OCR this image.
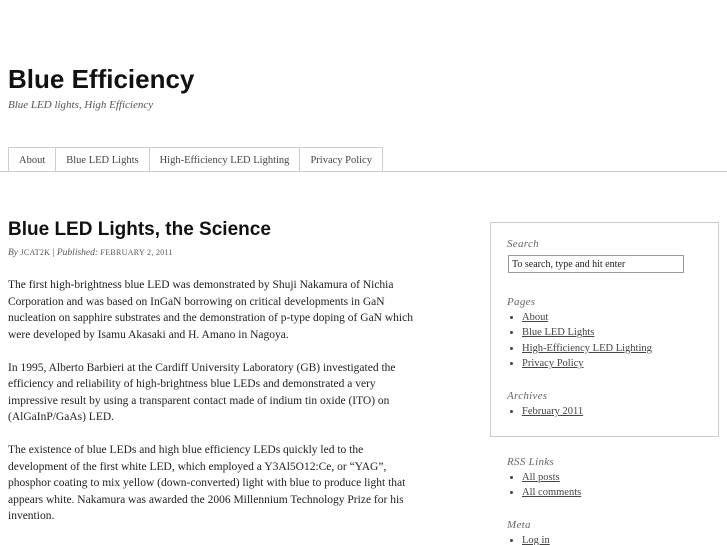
Blue Efficiency
Blue LED lights, High Efficiency
About	Blue LED Lights	High-Efficiency LED Lighting	Privacy Policy
Blue LED Lights, the Science
By JCAT2K | Published: FEBRUARY 2, 2011

The first high-brightness blue LED was demonstrated by Shuji Nakamura of Nichia Corporation and was based on InGaN borrowing on critical developments in GaN nucleation on sapphire substrates and the demonstration of p-type doping of GaN which were developed by Isamu Akasaki and H. Amano in Nagoya.

In 1995, Alberto Barbieri at the Cardiff University Laboratory (GB) investigated the efficiency and reliability of high-brightness blue LEDs and demonstrated a very impressive result by using a transparent contact made of indium tin oxide (ITO) on (AlGaInP/GaAs) LED.

The existence of blue LEDs and high blue efficiency LEDs quickly led to the development of the first white LED, which employed a Y3Al5O12:Ce, or “YAG”, phosphor coating to mix yellow (down-converted) light with blue to produce light that appears white. Nakamura was awarded the 2006 Millennium Technology Prize for his invention.

Search
To search, type and hit enter
Pages
• About
• Blue LED Lights
• High-Efficiency LED Lighting
• Privacy Policy
Archives
• February 2011
RSS Links
• All posts
• All comments
Meta
• Log in
